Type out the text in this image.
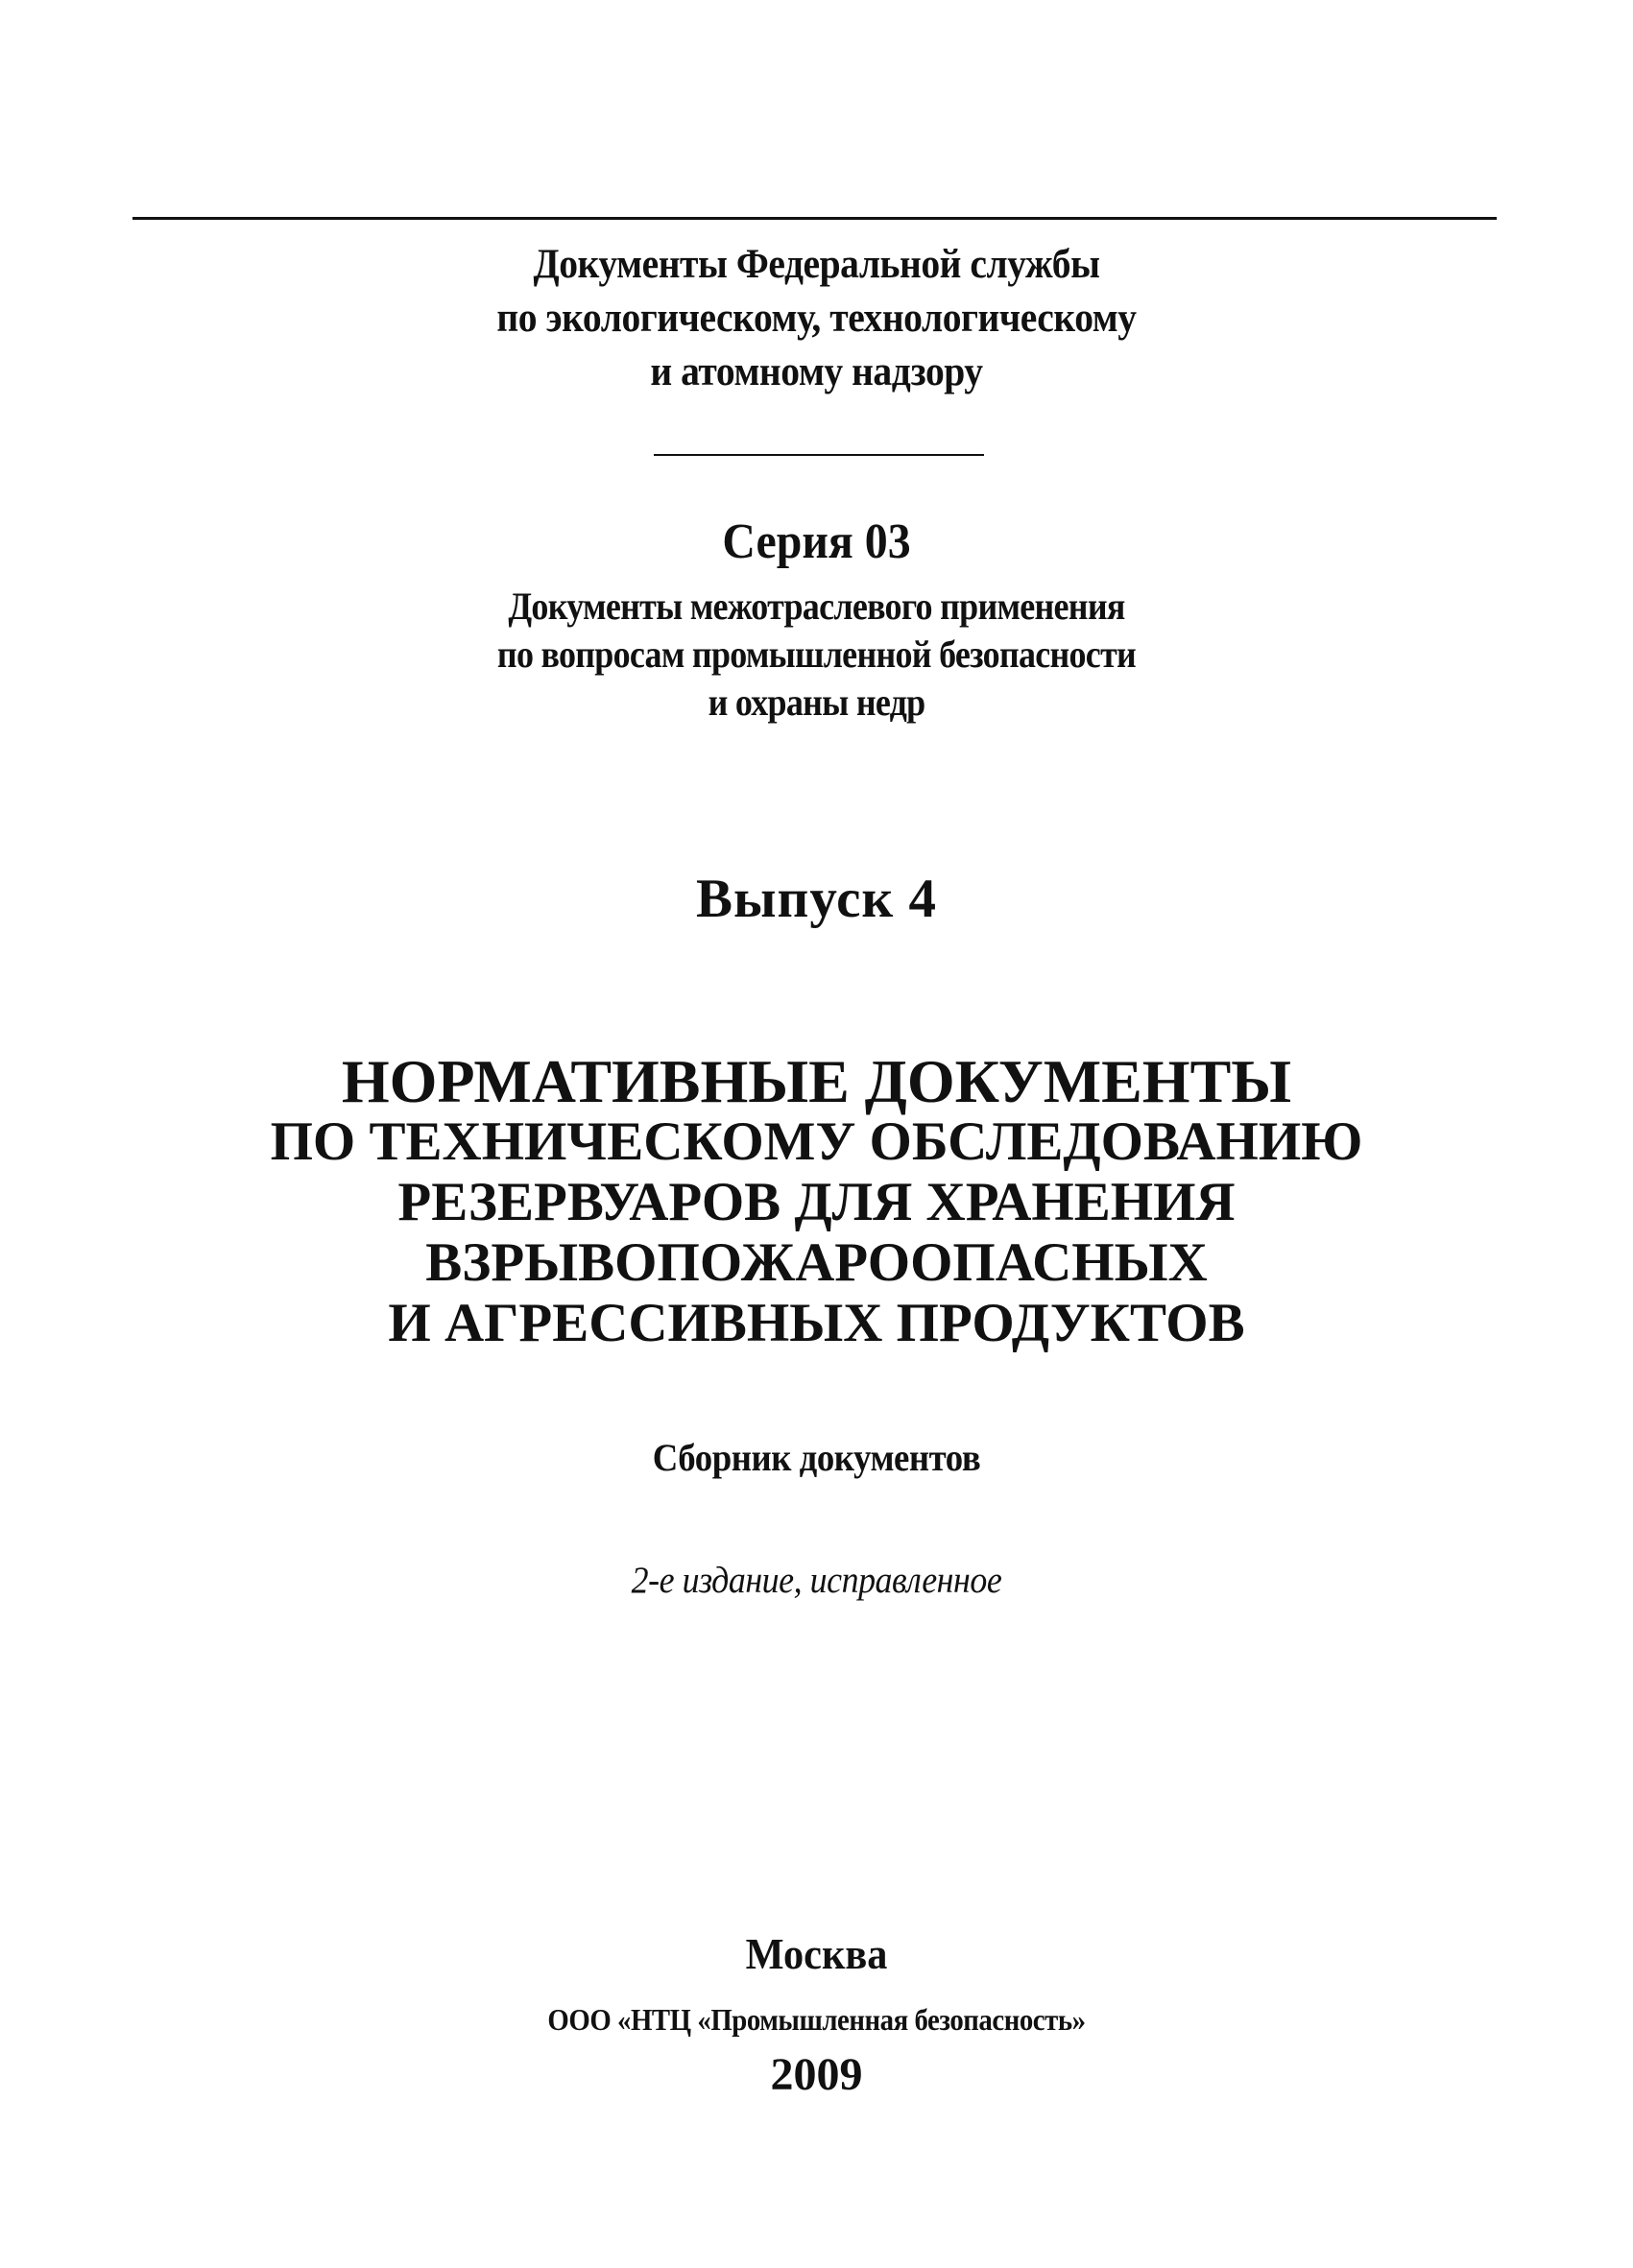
Документы Федеральной службы
по экологическому, технологическому
и атомному надзору
Серия 03
Документы межотраслевого применения
по вопросам промышленной безопасности
и охраны недр
Выпуск 4
НОРМАТИВНЫЕ ДОКУМЕНТЫ
ПО ТЕХНИЧЕСКОМУ ОБСЛЕДОВАНИЮ
РЕЗЕРВУАРОВ ДЛЯ ХРАНЕНИЯ
ВЗРЫВОПОЖАРООПАСНЫХ
И АГРЕССИВНЫХ ПРОДУКТОВ
Сборник документов
2-е издание, исправленное
Москва
ООО «НТЦ «Промышленная безопасность»
2009
